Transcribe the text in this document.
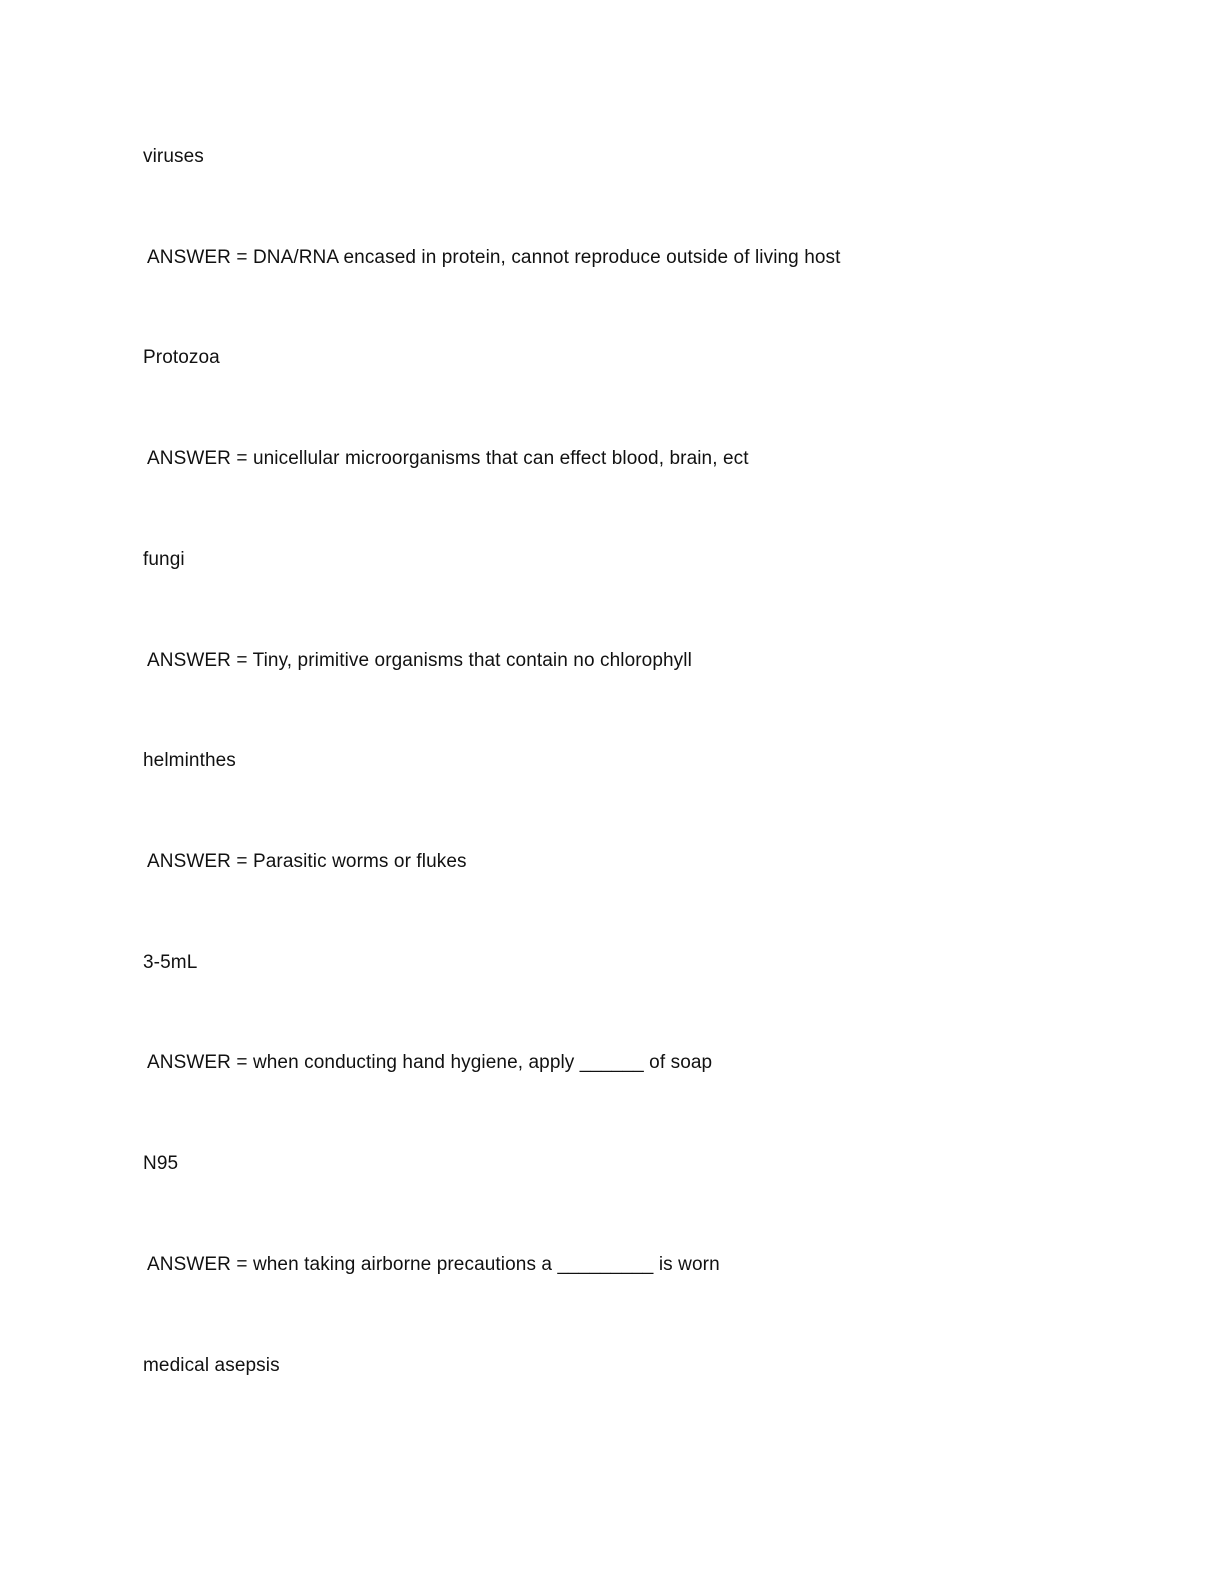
viruses
ANSWER = DNA/RNA encased in protein, cannot reproduce outside of living host
Protozoa
ANSWER = unicellular microorganisms that can effect blood, brain, ect
fungi
ANSWER = Tiny, primitive organisms that contain no chlorophyll
helminthes
ANSWER = Parasitic worms or flukes
3-5mL
ANSWER = when conducting hand hygiene, apply ______ of soap
N95
ANSWER = when taking airborne precautions a _________ is worn
medical asepsis
